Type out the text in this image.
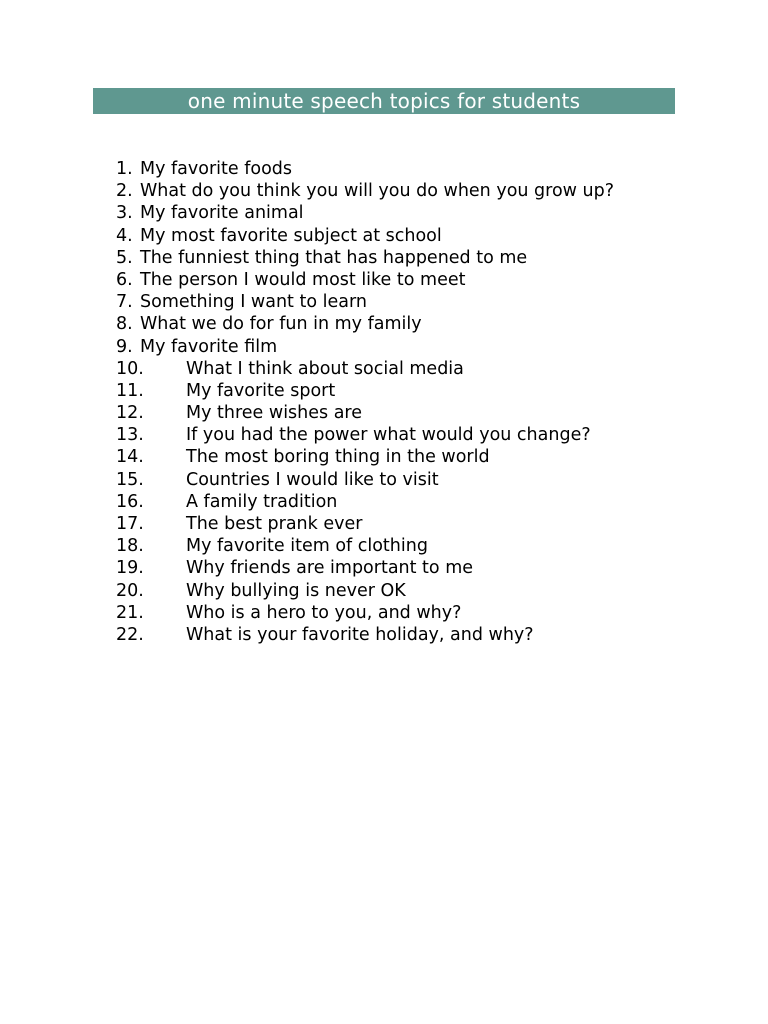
one minute speech topics for students
1. My favorite foods
2. What do you think you will you do when you grow up?
3. My favorite animal
4. My most favorite subject at school
5. The funniest thing that has happened to me
6. The person I would most like to meet
7. Something I want to learn
8. What we do for fun in my family
9. My favorite film
10.	What I think about social media
11.	My favorite sport
12.	My three wishes are
13.	If you had the power what would you change?
14.	The most boring thing in the world
15.	Countries I would like to visit
16.	A family tradition
17.	The best prank ever
18.	My favorite item of clothing
19.	Why friends are important to me
20.	Why bullying is never OK
21.	Who is a hero to you, and why?
22.	What is your favorite holiday, and why?
